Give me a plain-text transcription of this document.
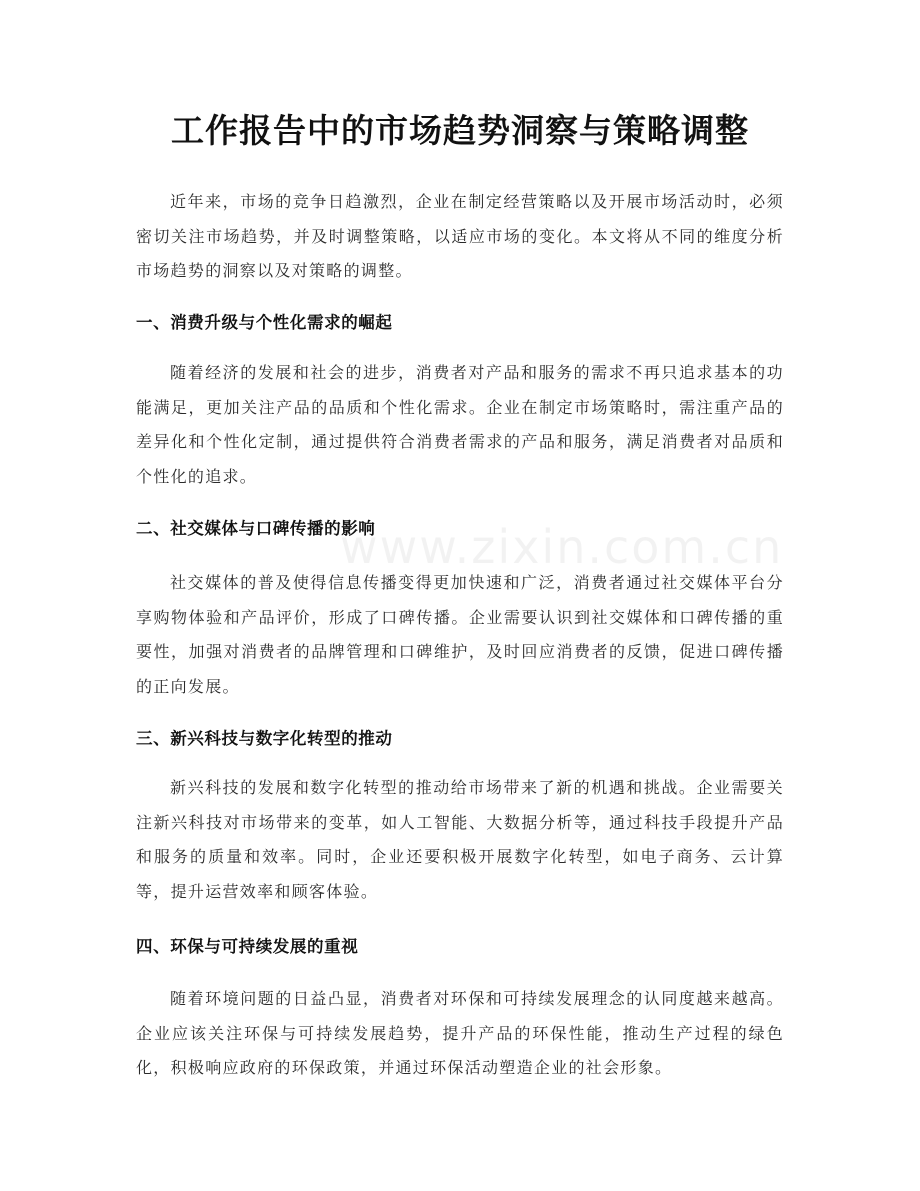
工作报告中的市场趋势洞察与策略调整

近年来，市场的竞争日趋激烈，企业在制定经营策略以及开展市场活动时，必须密切关注市场趋势，并及时调整策略，以适应市场的变化。本文将从不同的维度分析市场趋势的洞察以及对策略的调整。

一、消费升级与个性化需求的崛起

随着经济的发展和社会的进步，消费者对产品和服务的需求不再只追求基本的功能满足，更加关注产品的品质和个性化需求。企业在制定市场策略时，需注重产品的差异化和个性化定制，通过提供符合消费者需求的产品和服务，满足消费者对品质和个性化的追求。

二、社交媒体与口碑传播的影响

社交媒体的普及使得信息传播变得更加快速和广泛，消费者通过社交媒体平台分享购物体验和产品评价，形成了口碑传播。企业需要认识到社交媒体和口碑传播的重要性，加强对消费者的品牌管理和口碑维护，及时回应消费者的反馈，促进口碑传播的正向发展。

三、新兴科技与数字化转型的推动

新兴科技的发展和数字化转型的推动给市场带来了新的机遇和挑战。企业需要关注新兴科技对市场带来的变革，如人工智能、大数据分析等，通过科技手段提升产品和服务的质量和效率。同时，企业还要积极开展数字化转型，如电子商务、云计算等，提升运营效率和顾客体验。

四、环保与可持续发展的重视

随着环境问题的日益凸显，消费者对环保和可持续发展理念的认同度越来越高。企业应该关注环保与可持续发展趋势，提升产品的环保性能，推动生产过程的绿色化，积极响应政府的环保政策，并通过环保活动塑造企业的社会形象。

www.zixin.com.cn
